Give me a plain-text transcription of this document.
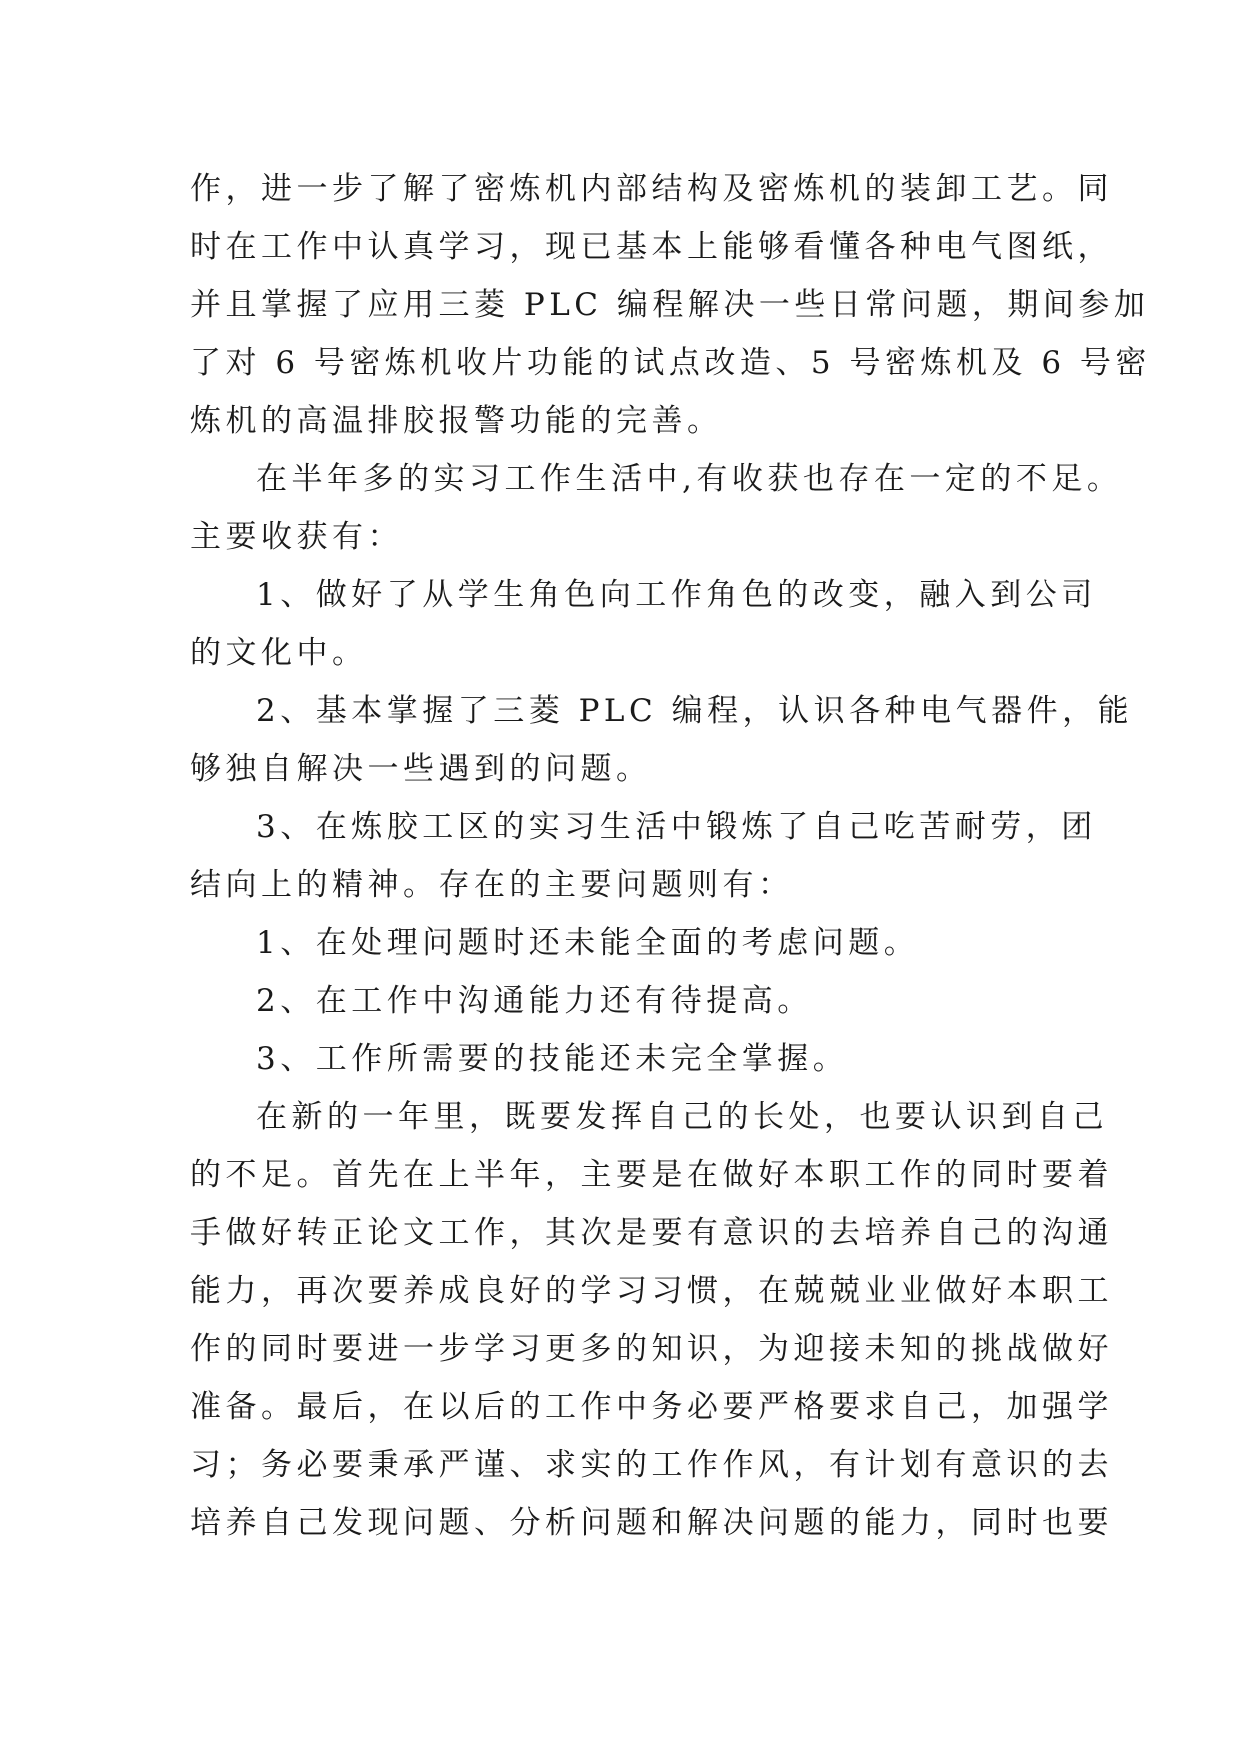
作，进一步了解了密炼机内部结构及密炼机的装卸工艺。同
时在工作中认真学习，现已基本上能够看懂各种电气图纸，
并且掌握了应用三菱 PLC 编程解决一些日常问题，期间参加
了对 6 号密炼机收片功能的试点改造、5 号密炼机及 6 号密
炼机的高温排胶报警功能的完善。
在半年多的实习工作生活中,有收获也存在一定的不足。
主要收获有：
1、做好了从学生角色向工作角色的改变，融入到公司
的文化中。
2、基本掌握了三菱 PLC 编程，认识各种电气器件，能
够独自解决一些遇到的问题。
3、在炼胶工区的实习生活中锻炼了自己吃苦耐劳，团
结向上的精神。存在的主要问题则有：
1、在处理问题时还未能全面的考虑问题。
2、在工作中沟通能力还有待提高。
3、工作所需要的技能还未完全掌握。
在新的一年里，既要发挥自己的长处，也要认识到自己
的不足。首先在上半年，主要是在做好本职工作的同时要着
手做好转正论文工作，其次是要有意识的去培养自己的沟通
能力，再次要养成良好的学习习惯，在兢兢业业做好本职工
作的同时要进一步学习更多的知识，为迎接未知的挑战做好
准备。最后，在以后的工作中务必要严格要求自己，加强学
习；务必要秉承严谨、求实的工作作风，有计划有意识的去
培养自己发现问题、分析问题和解决问题的能力，同时也要
